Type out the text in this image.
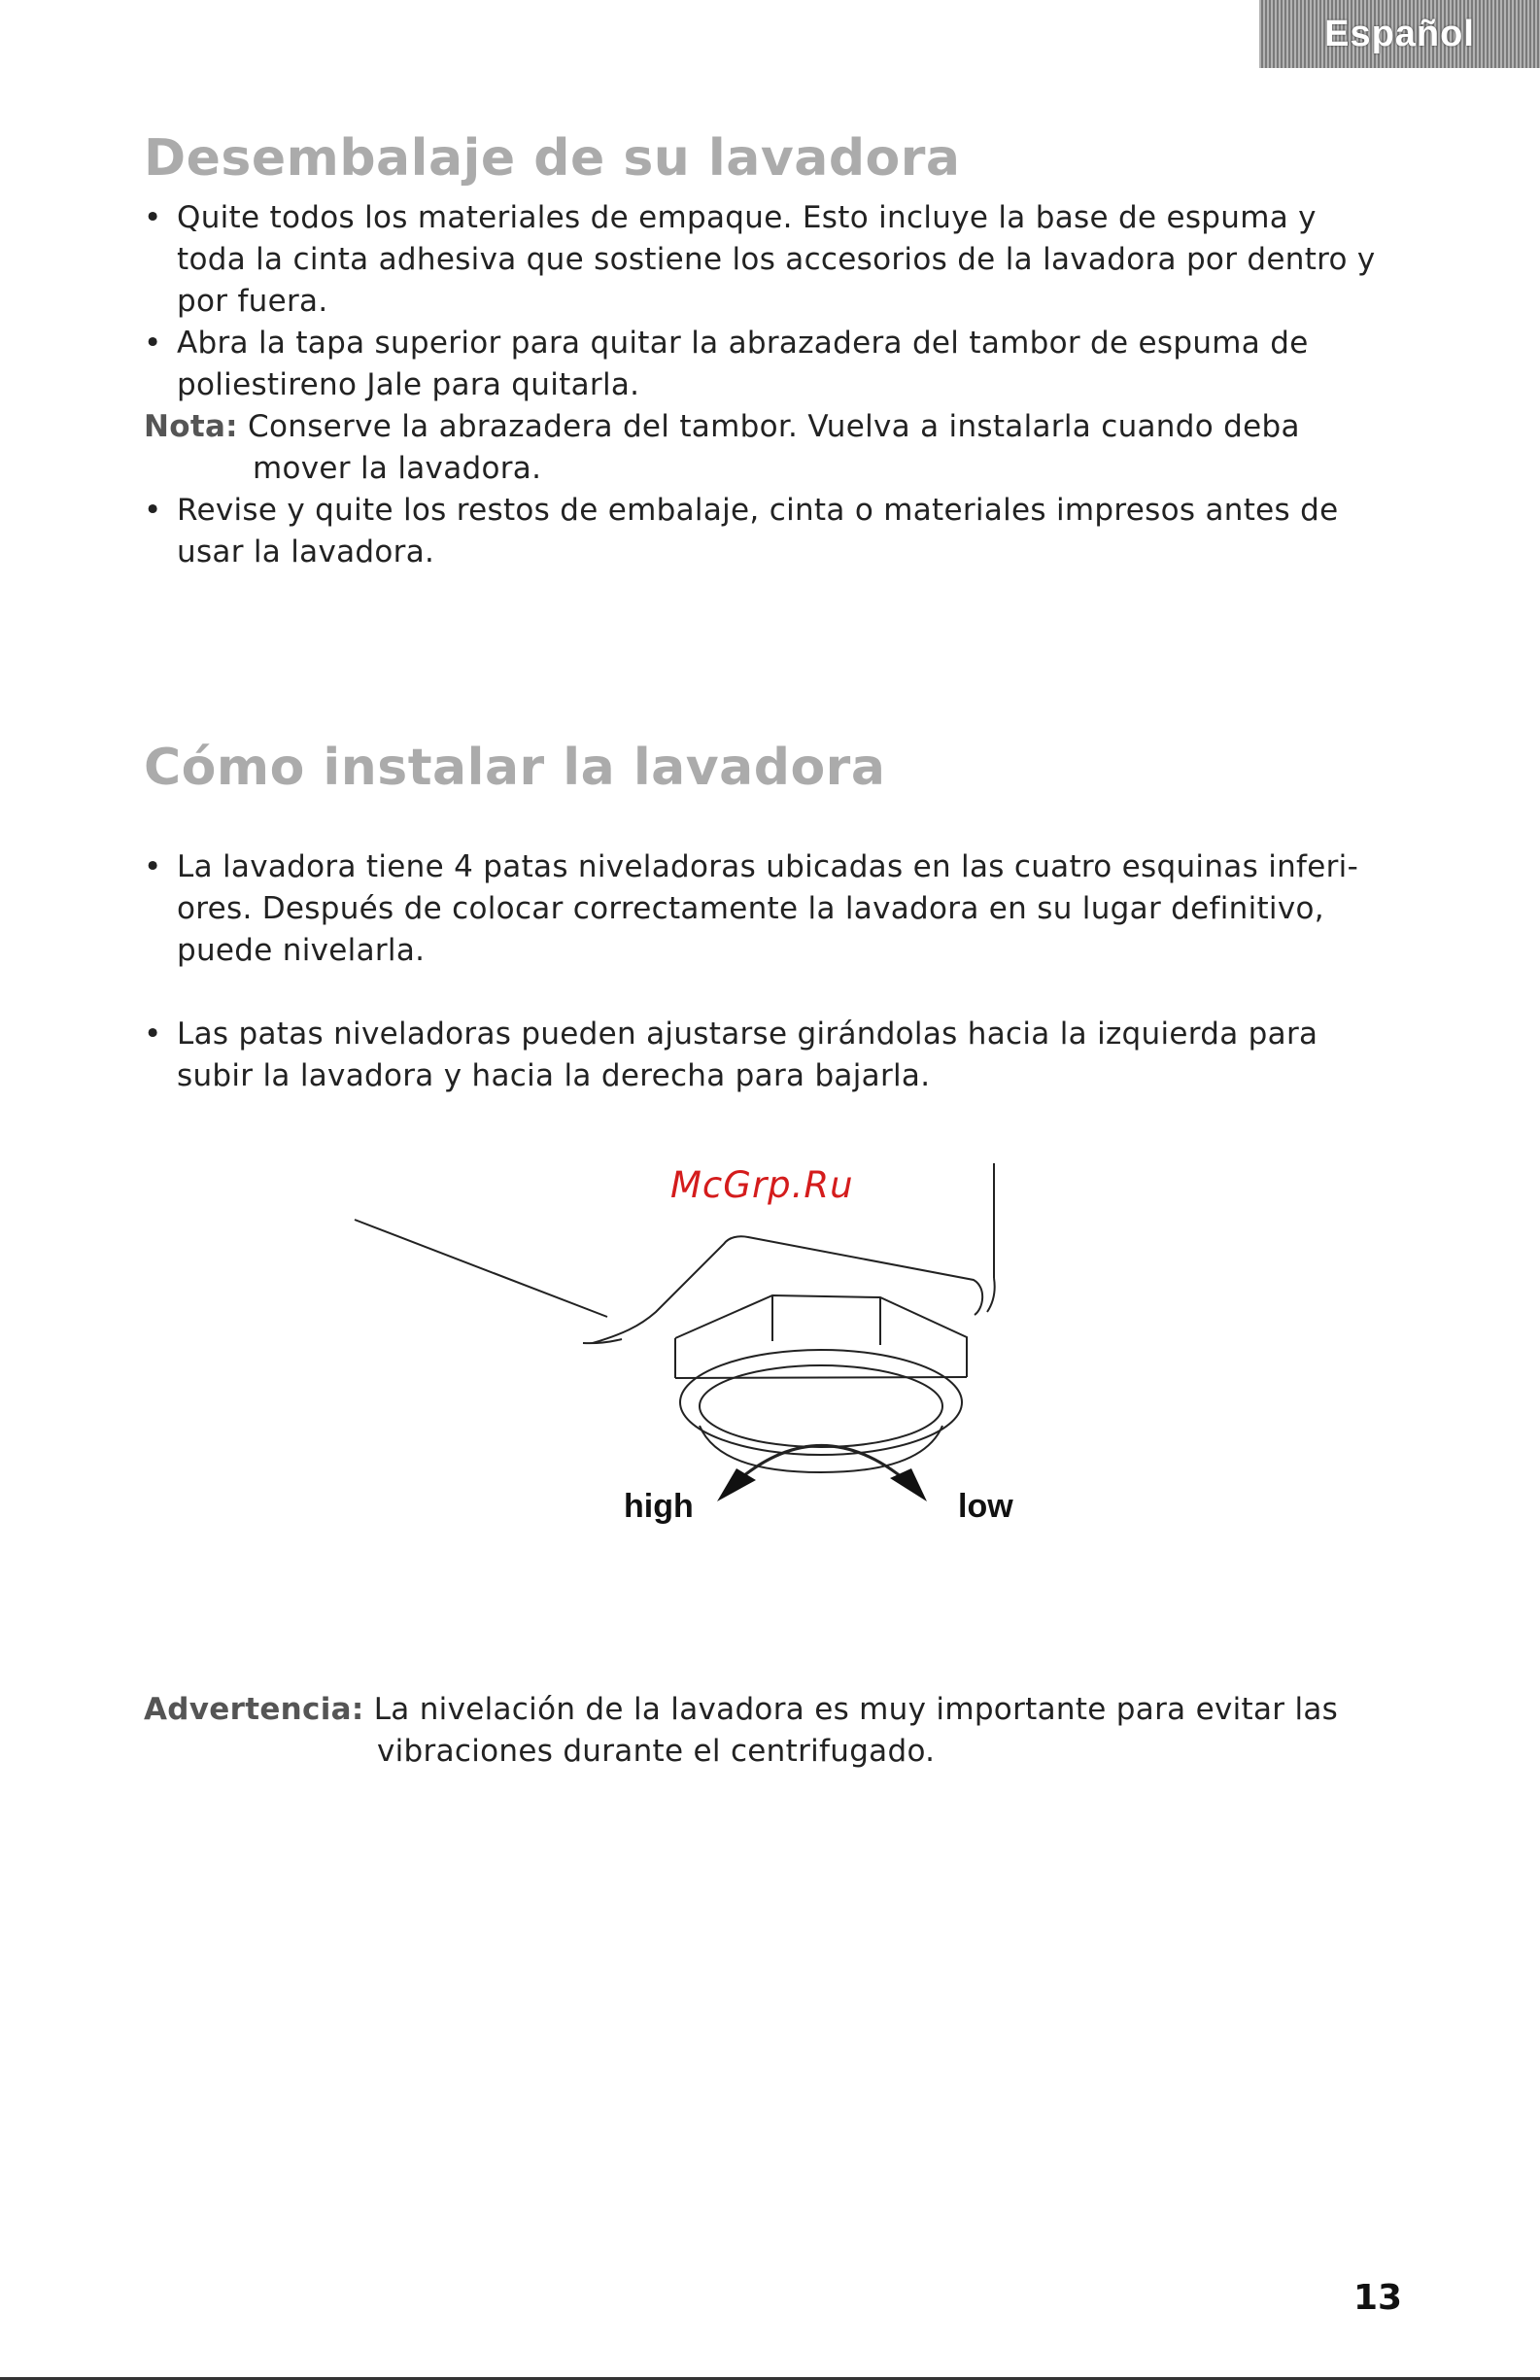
Español
Desembalaje de su lavadora
• Quite todos los materiales de empaque. Esto incluye la base de espuma y
toda la cinta adhesiva que sostiene los accesorios de la lavadora por dentro y
por fuera.
• Abra la tapa superior para quitar la abrazadera del tambor de espuma de
poliestireno Jale para quitarla.
Nota: Conserve la abrazadera del tambor. Vuelva a instalarla cuando deba
mover la lavadora.
• Revise y quite los restos de embalaje, cinta o materiales impresos antes de
usar la lavadora.
Cómo instalar la lavadora
• La lavadora tiene 4 patas niveladoras ubicadas en las cuatro esquinas inferi-
ores. Después de colocar correctamente la lavadora en su lugar definitivo,
puede nivelarla.
• Las patas niveladoras pueden ajustarse girándolas hacia la izquierda para
subir la lavadora y hacia la derecha para bajarla.
high	low
McGrp.Ru
Advertencia: La nivelación de la lavadora es muy importante para evitar las
vibraciones durante el centrifugado.
13
